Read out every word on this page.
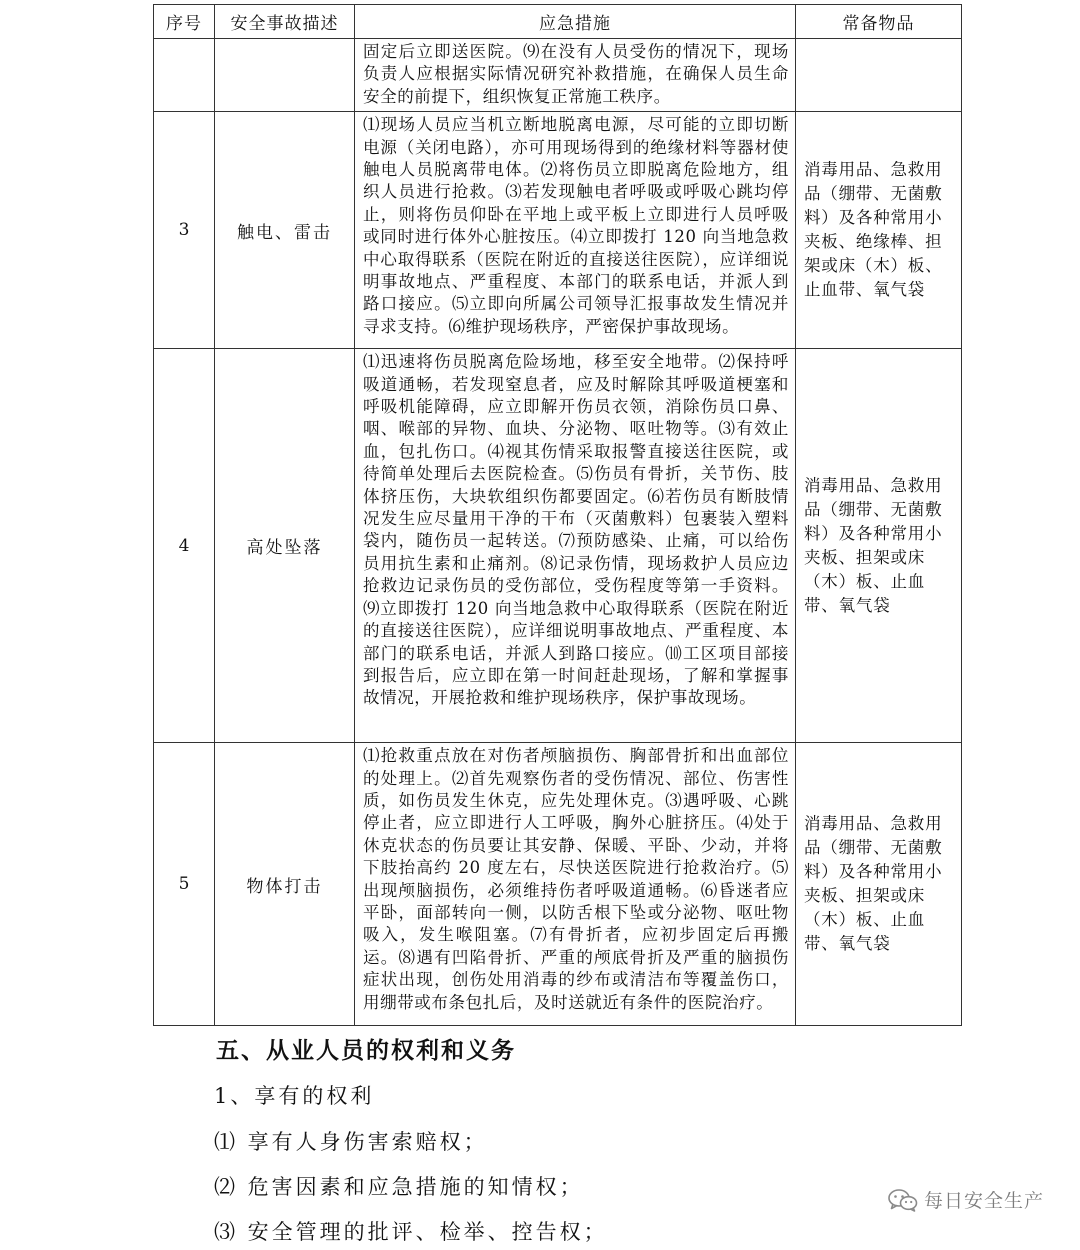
序号	安全事故描述	应急措施	常备物品
		固定后立即送医院。⑼在没有人员受伤的情况下，现场负责人应根据实际情况研究补救措施，在确保人员生命安全的前提下，组织恢复正常施工秩序。	
3	触电、雷击	⑴现场人员应当机立断地脱离电源，尽可能的立即切断电源（关闭电路），亦可用现场得到的绝缘材料等器材使触电人员脱离带电体。⑵将伤员立即脱离危险地方，组织人员进行抢救。⑶若发现触电者呼吸或呼吸心跳均停止，则将伤员仰卧在平地上或平板上立即进行人员呼吸或同时进行体外心脏按压。⑷立即拨打 120 向当地急救中心取得联系（医院在附近的直接送往医院），应详细说明事故地点、严重程度、本部门的联系电话，并派人到路口接应。⑸立即向所属公司领导汇报事故发生情况并寻求支持。⑹维护现场秩序，严密保护事故现场。	消毒用品、急救用品（绷带、无菌敷料）及各种常用小夹板、绝缘棒、担架或床（木）板、止血带、氧气袋
4	高处坠落	⑴迅速将伤员脱离危险场地，移至安全地带。⑵保持呼吸道通畅，若发现窒息者，应及时解除其呼吸道梗塞和呼吸机能障碍，应立即解开伤员衣领，消除伤员口鼻、咽、喉部的异物、血块、分泌物、呕吐物等。⑶有效止血，包扎伤口。⑷视其伤情采取报警直接送往医院，或待简单处理后去医院检查。⑸伤员有骨折，关节伤、肢体挤压伤，大块软组织伤都要固定。⑹若伤员有断肢情况发生应尽量用干净的干布（灭菌敷料）包裹装入塑料袋内，随伤员一起转送。⑺预防感染、止痛，可以给伤员用抗生素和止痛剂。⑻记录伤情，现场救护人员应边抢救边记录伤员的受伤部位，受伤程度等第一手资料。⑼立即拨打 120 向当地急救中心取得联系（医院在附近的直接送往医院），应详细说明事故地点、严重程度、本部门的联系电话，并派人到路口接应。⑽工区项目部接到报告后，应立即在第一时间赶赴现场，了解和掌握事故情况，开展抢救和维护现场秩序，保护事故现场。	消毒用品、急救用品（绷带、无菌敷料）及各种常用小夹板、担架或床（木）板、止血带、氧气袋
5	物体打击	⑴抢救重点放在对伤者颅脑损伤、胸部骨折和出血部位的处理上。⑵首先观察伤者的受伤情况、部位、伤害性质，如伤员发生休克，应先处理休克。⑶遇呼吸、心跳停止者，应立即进行人工呼吸，胸外心脏挤压。⑷处于休克状态的伤员要让其安静、保暖、平卧、少动，并将下肢抬高约 20 度左右，尽快送医院进行抢救治疗。⑸出现颅脑损伤，必须维持伤者呼吸道通畅。⑹昏迷者应平卧，面部转向一侧，以防舌根下坠或分泌物、呕吐物吸入，发生喉阻塞。⑺有骨折者，应初步固定后再搬运。⑻遇有凹陷骨折、严重的颅底骨折及严重的脑损伤症状出现，创伤处用消毒的纱布或清洁布等覆盖伤口，用绷带或布条包扎后，及时送就近有条件的医院治疗。	消毒用品、急救用品（绷带、无菌敷料）及各种常用小夹板、担架或床（木）板、止血带、氧气袋
五、从业人员的权利和义务
1、享有的权利
⑴ 享有人身伤害索赔权；
⑵ 危害因素和应急措施的知情权；
⑶ 安全管理的批评、检举、控告权；
每日安全生产
